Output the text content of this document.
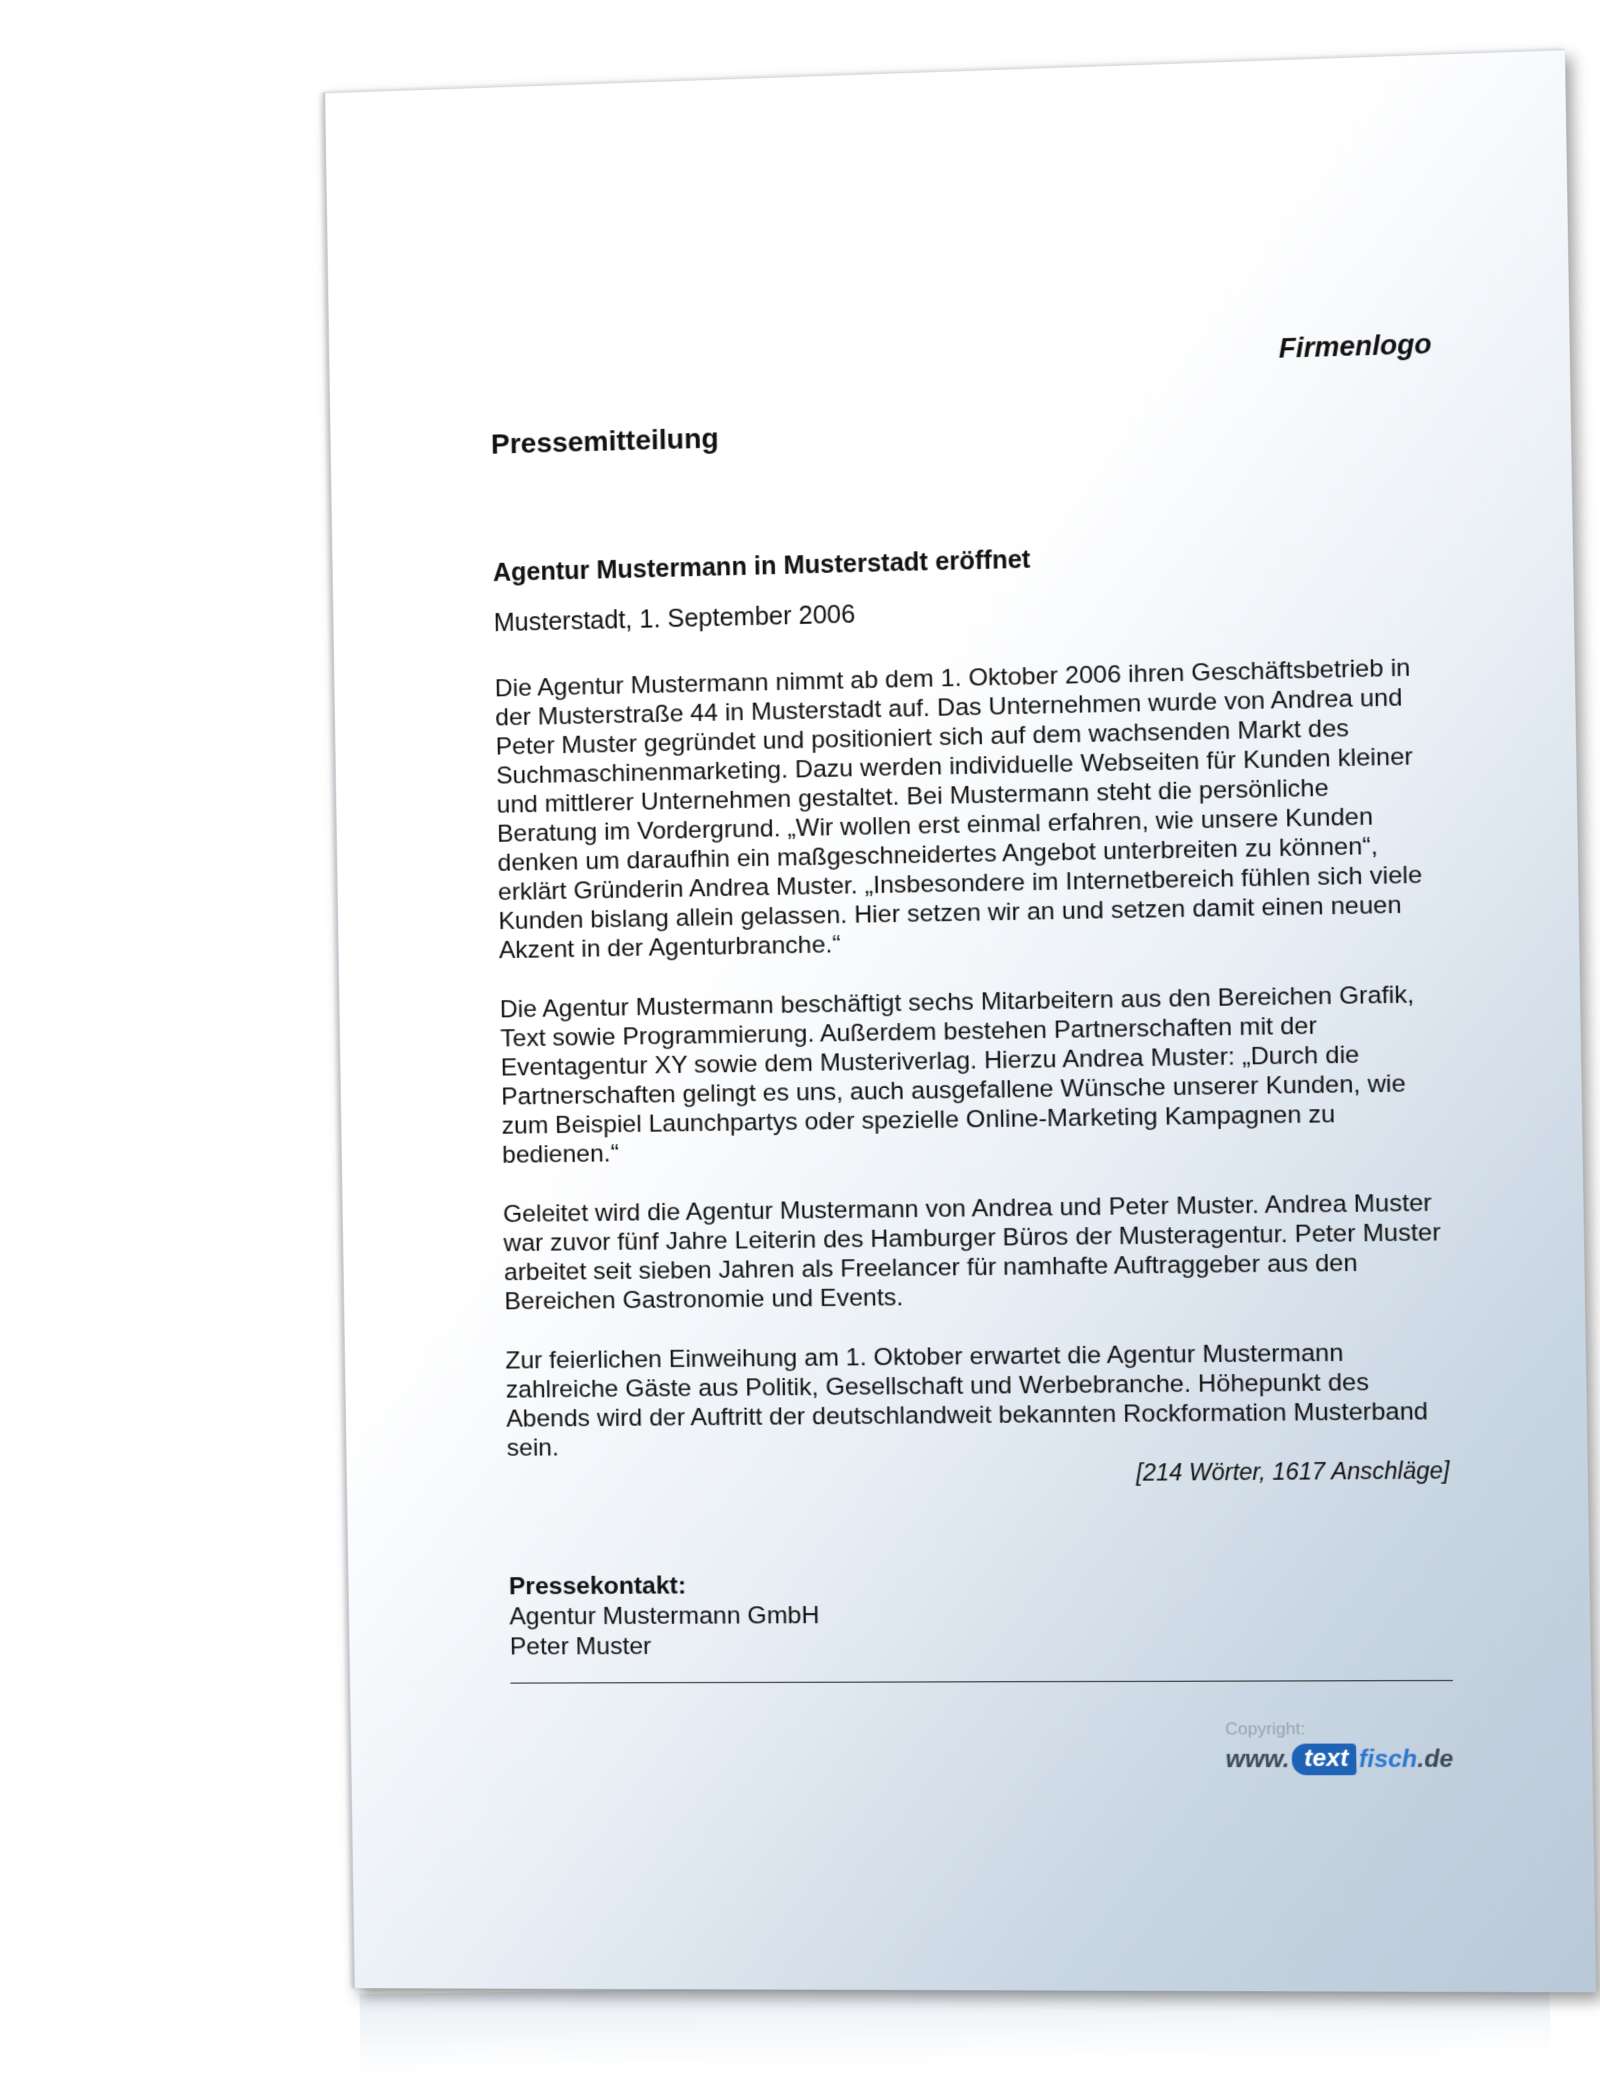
Firmenlogo
Pressemitteilung
Agentur Mustermann in Musterstadt eröffnet
Musterstadt, 1. September 2006

Die Agentur Mustermann nimmt ab dem 1. Oktober 2006 ihren Geschäftsbetrieb in der Musterstraße 44 in Musterstadt auf. Das Unternehmen wurde von Andrea und Peter Muster gegründet und positioniert sich auf dem wachsenden Markt des Suchmaschinenmarketing. Dazu werden individuelle Webseiten für Kunden kleiner und mittlerer Unternehmen gestaltet. Bei Mustermann steht die persönliche Beratung im Vordergrund. „Wir wollen erst einmal erfahren, wie unsere Kunden denken um daraufhin ein maßgeschneidertes Angebot unterbreiten zu können“, erklärt Gründerin Andrea Muster. „Insbesondere im Internetbereich fühlen sich viele Kunden bislang allein gelassen. Hier setzen wir an und setzen damit einen neuen Akzent in der Agenturbranche.“

Die Agentur Mustermann beschäftigt sechs Mitarbeitern aus den Bereichen Grafik, Text sowie Programmierung. Außerdem bestehen Partnerschaften mit der Eventagentur XY sowie dem Musteriverlag. Hierzu Andrea Muster: „Durch die Partnerschaften gelingt es uns, auch ausgefallene Wünsche unserer Kunden, wie zum Beispiel Launchpartys oder spezielle Online-Marketing Kampagnen zu bedienen.“

Geleitet wird die Agentur Mustermann von Andrea und Peter Muster. Andrea Muster war zuvor fünf Jahre Leiterin des Hamburger Büros der Musteragentur. Peter Muster arbeitet seit sieben Jahren als Freelancer für namhafte Auftraggeber aus den Bereichen Gastronomie und Events.

Zur feierlichen Einweihung am 1. Oktober erwartet die Agentur Mustermann zahlreiche Gäste aus Politik, Gesellschaft und Werbebranche. Höhepunkt des Abends wird der Auftritt der deutschlandweit bekannten Rockformation Musterband sein.

[214 Wörter, 1617 Anschläge]
Pressekontakt:
Agentur Mustermann GmbH
Peter Muster
Copyright:
www. text fisch .de
